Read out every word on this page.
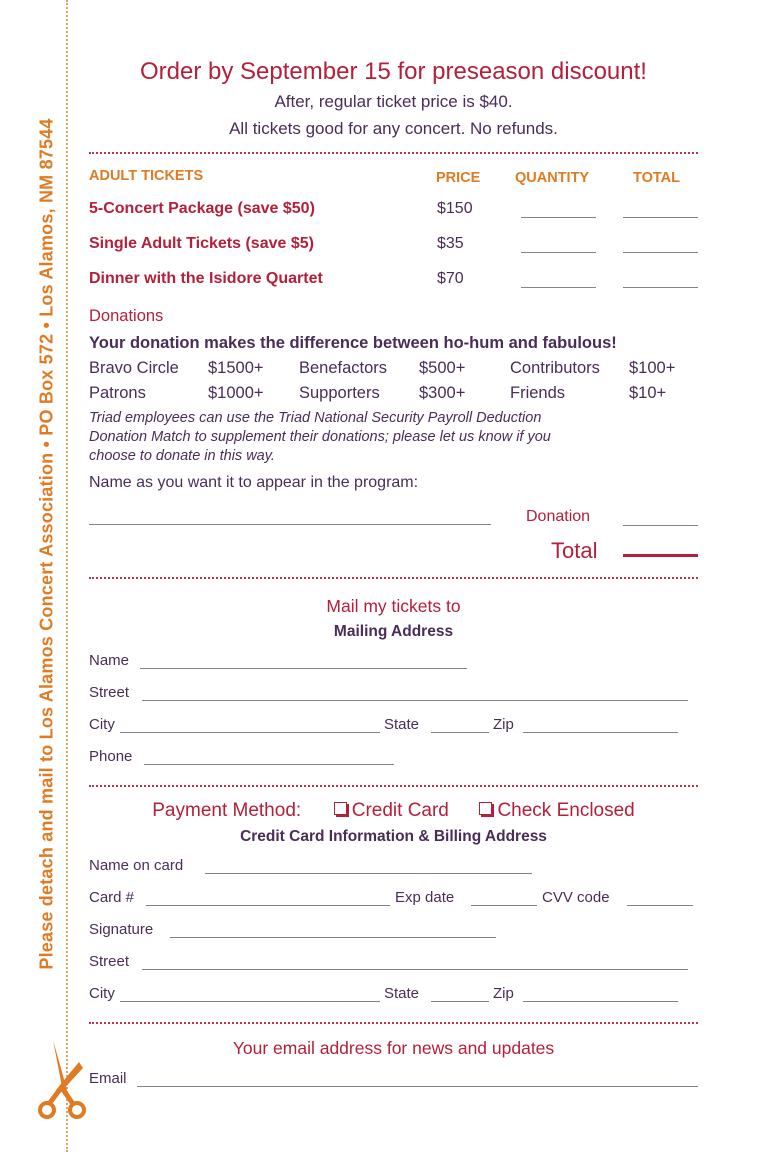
Please detach and mail to Los Alamos Concert Association • PO Box 572 • Los Alamos, NM 87544
Order by September 15 for preseason discount!
After, regular ticket price is $40.
All tickets good for any concert. No refunds.
ADULT TICKETS	PRICE QUANTITY	TOTAL
5-Concert Package (save $50)	$150
Single Adult Tickets (save $5)	$35
Dinner with the Isidore Quartet	$70
Donations
Your donation makes the difference between ho-hum and fabulous!
Bravo Circle $1500+ Benefactors $500+	Contributors $100+
Patrons	$1000+ Supporters $300+	Friends	$10+
Triad employees can use the Triad National Security Payroll Deduction
Donation Match to supplement their donations; please let us know if you
choose to donate in this way.
Name as you want it to appear in the program:
Donation
Total
Mail my tickets to
Mailing Address
Name
Street
City	State	Zip
Phone
Payment Method:	Credit Card	Check Enclosed
Credit Card Information & Billing Address
Name on card
Card #	Exp date	CVV code
Signature
Street
City	State	Zip
Your email address for news and updates
Email
